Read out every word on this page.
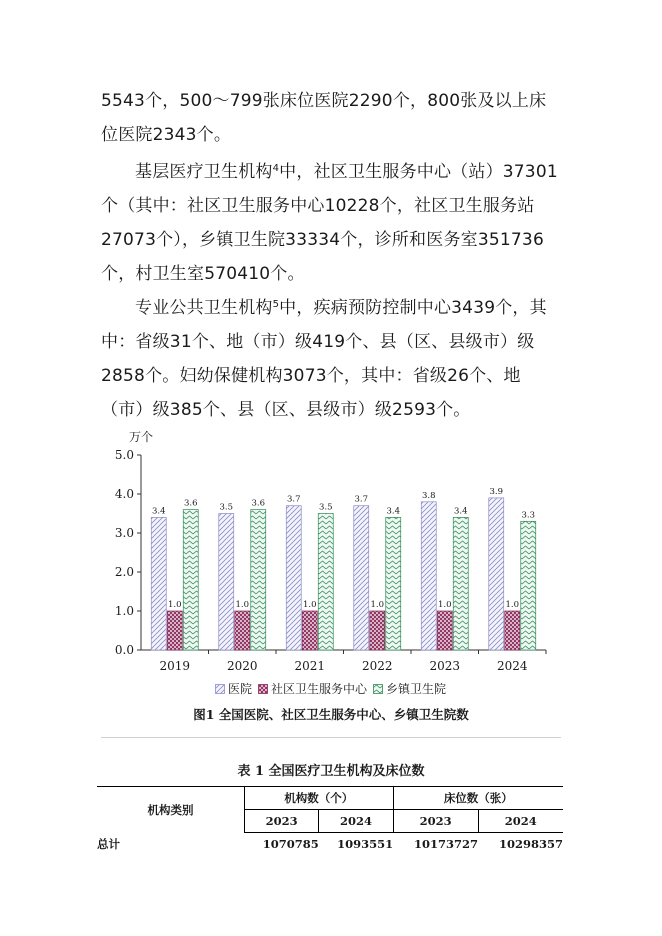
5543个，500～799张床位医院2290个，800张及以上床位医院2343个。

基层医疗卫生机构$^4$中，社区卫生服务中心（站）37301个（其中：社区卫生服务中心10228个，社区卫生服务站27073个），乡镇卫生院33334个，诊所和医务室351736个，村卫生室570410个。

专业公共卫生机构$^5$中，疾病预防控制中心3439个，其中：省级31个、地（市）级419个、县（区、县级市）级2858个。妇幼保健机构3073个，其中：省级26个、地（市）级385个、县（区、县级市）级2593个。

0.0
1.0
2.0
3.0
4.0
5.0
万个
3.4
1.0
3.6
2019
3.5
1.0
3.6
2020
3.7
1.0
3.5
2021
3.7
1.0
3.4
2022
3.8
1.0
3.4
2023
3.9
1.0
3.3
2024
医院 社区卫生服务中心 乡镇卫生院
图1 全国医院、社区卫生服务中心、乡镇卫生院数
表 1 全国医疗卫生机构及床位数
机构类别	机构数（个）		床位数（张）	
	2023	2024	2023	2024
总计	1070785	1093551	10173727	10298357
